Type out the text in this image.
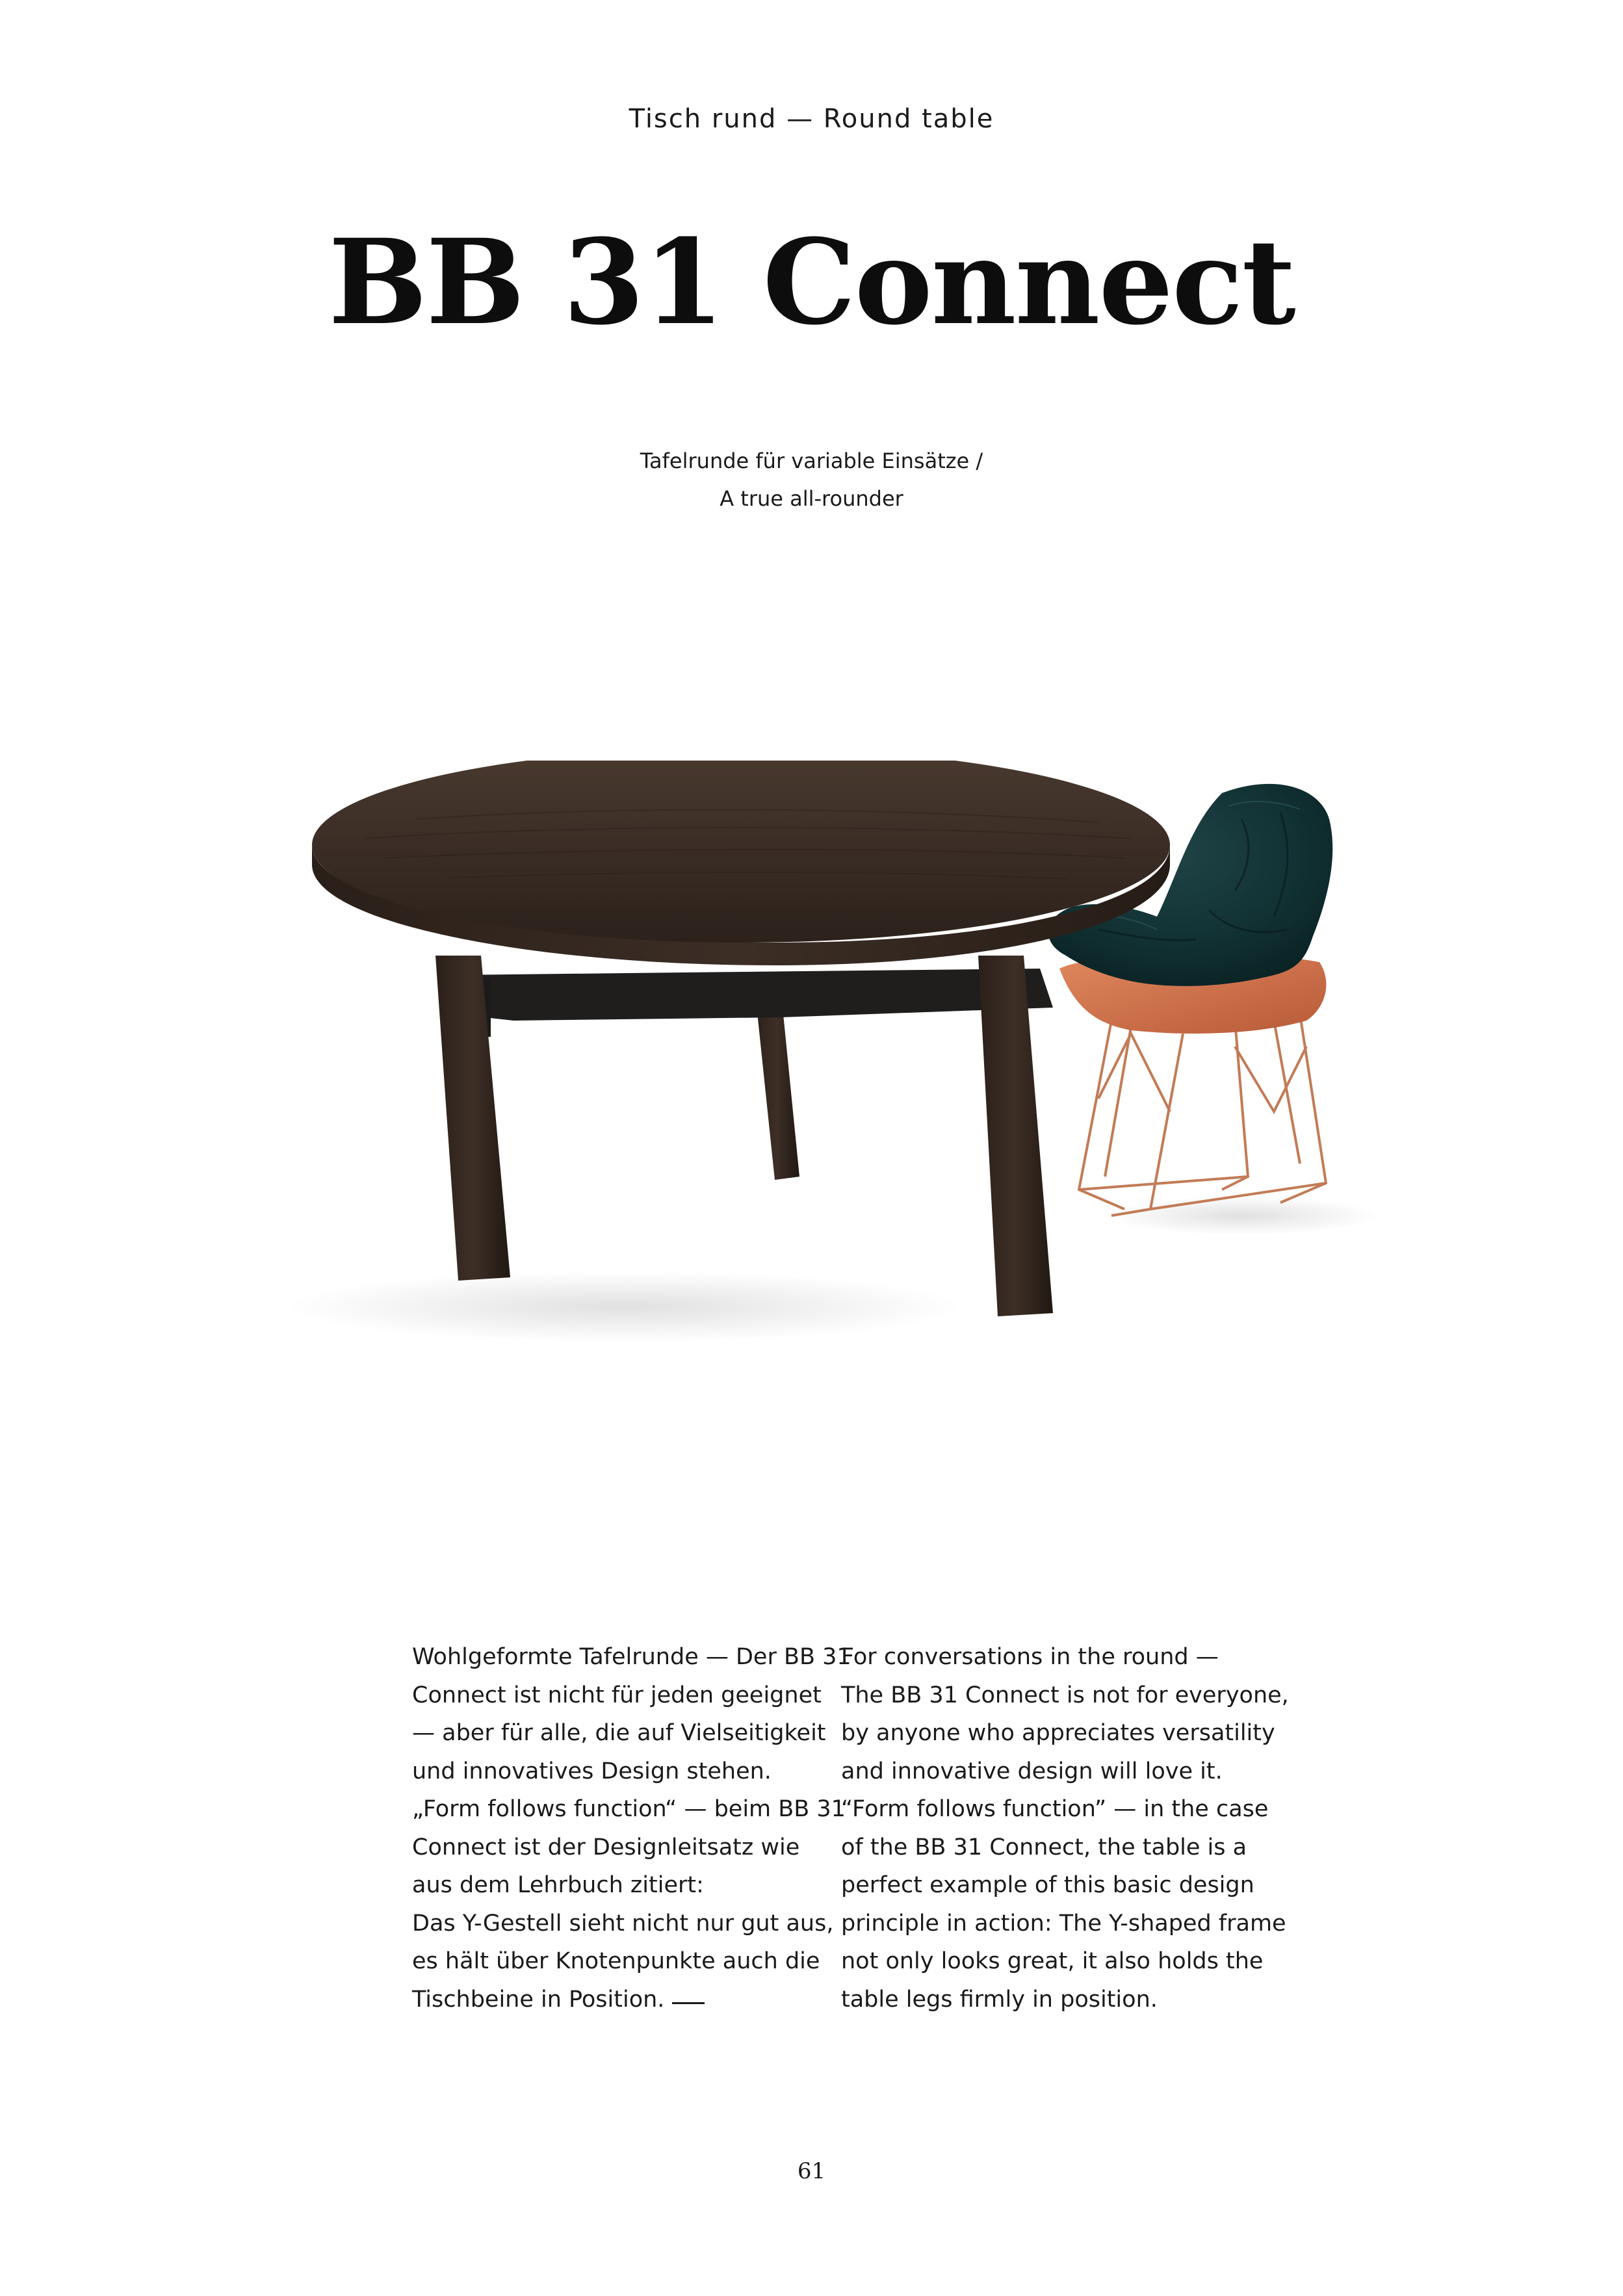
Tisch rund — Round table
BB 31 Connect
Tafelrunde für variable Einsätze /
A true all-rounder
Wohlgeformte Tafelrunde — Der BB 31
Connect ist nicht für jeden geeignet
— aber für alle, die auf Vielseitigkeit
und innovatives Design stehen.
„Form follows function“ — beim BB 31
Connect ist der Designleitsatz wie
aus dem Lehrbuch zitiert:
Das Y-Gestell sieht nicht nur gut aus,
es hält über Knotenpunkte auch die
Tischbeine in Position.
For conversations in the round —
The BB 31 Connect is not for everyone,
by anyone who appreciates versatility
and innovative design will love it.
“Form follows function” — in the case
of the BB 31 Connect, the table is a
perfect example of this basic design
principle in action: The Y-shaped frame
not only looks great, it also holds the
table legs firmly in position.
61
